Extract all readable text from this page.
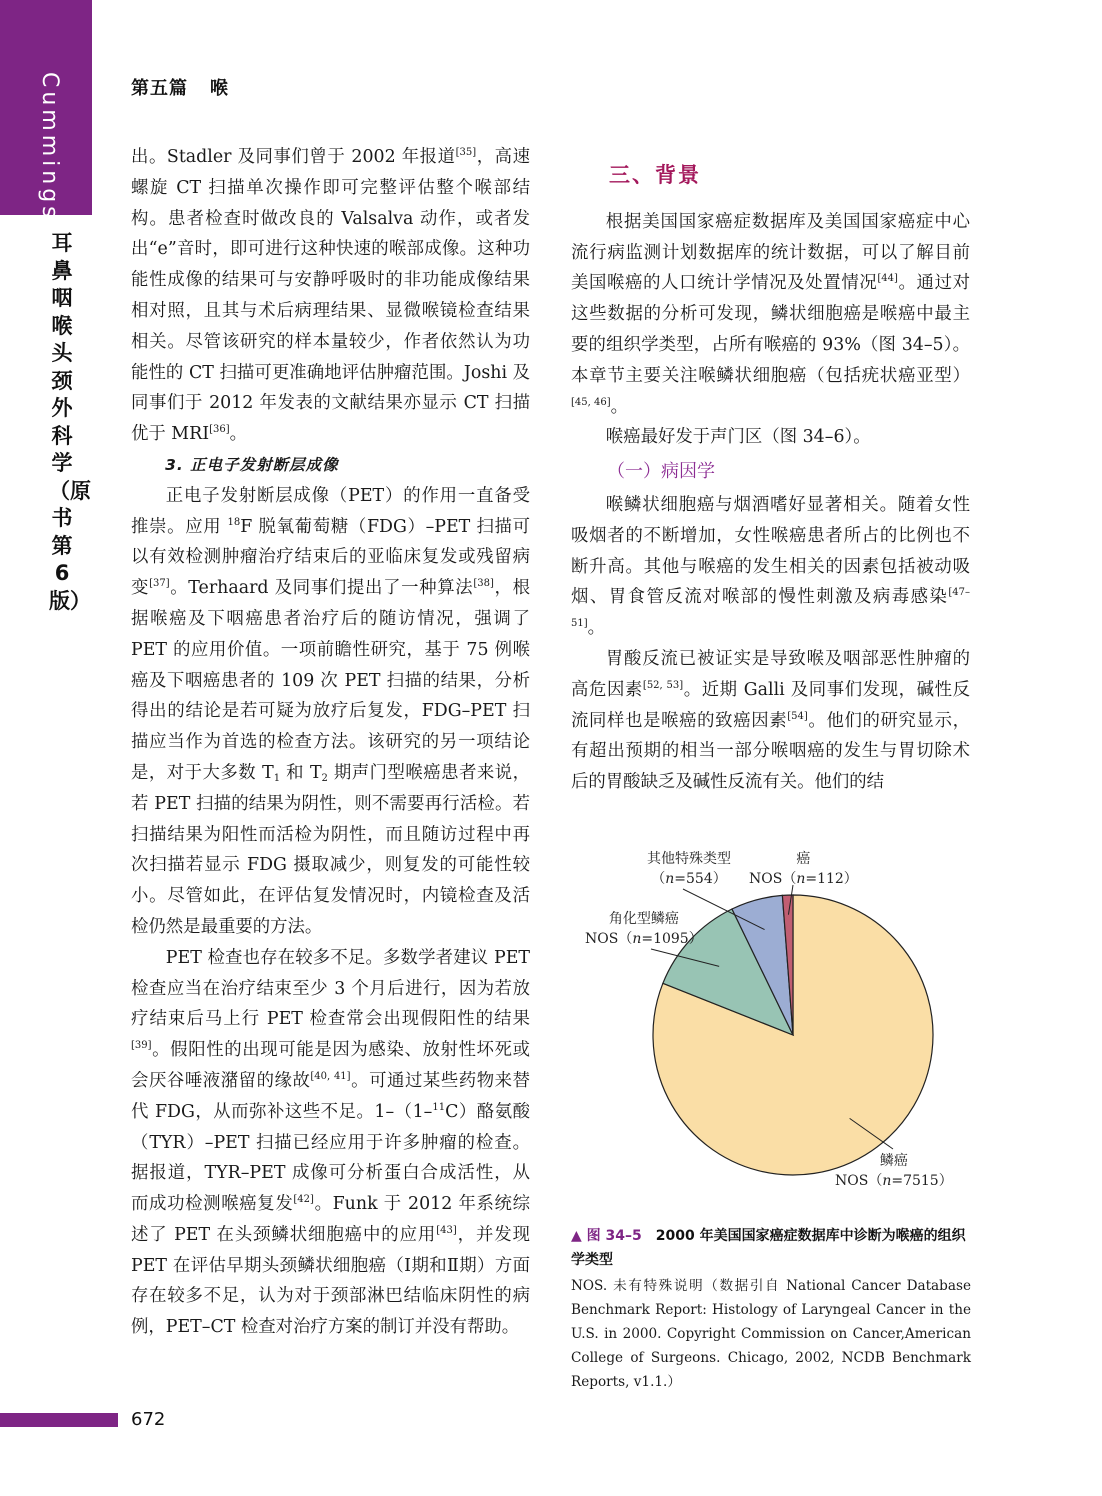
Cummings
耳鼻咽喉头颈外科学（原书第6版）
第五篇 喉

出。Stadler 及同事们曾于 2002 年报道[35]，高速螺旋 CT 扫描单次操作即可完整评估整个喉部结构。患者检查时做改良的 Valsalva 动作，或者发出“e”音时，即可进行这种快速的喉部成像。这种功能性成像的结果可与安静呼吸时的非功能成像结果相对照，且其与术后病理结果、显微喉镜检查结果相关。尽管该研究的样本量较少，作者依然认为功能性的 CT 扫描可更准确地评估肿瘤范围。Joshi 及同事们于 2012 年发表的文献结果亦显示 CT 扫描优于 MRI[36]。

3. 正电子发射断层成像

正电子发射断层成像（PET）的作用一直备受推崇。应用 $^{18}$F 脱氧葡萄糖（FDG）–PET 扫描可以有效检测肿瘤治疗结束后的亚临床复发或残留病变[37]。Terhaard 及同事们提出了一种算法[38]，根据喉癌及下咽癌患者治疗后的随访情况，强调了 PET 的应用价值。一项前瞻性研究，基于 75 例喉癌及下咽癌患者的 109 次 PET 扫描的结果，分析得出的结论是若可疑为放疗后复发，FDG–PET 扫描应当作为首选的检查方法。该研究的另一项结论是，对于大多数 $T_1$ 和 $T_2$ 期声门型喉癌患者来说，若 PET 扫描的结果为阴性，则不需要再行活检。若扫描结果为阳性而活检为阴性，而且随访过程中再次扫描若显示 FDG 摄取减少，则复发的可能性较小。尽管如此，在评估复发情况时，内镜检查及活检仍然是最重要的方法。

PET 检查也存在较多不足。多数学者建议 PET 检查应当在治疗结束至少 3 个月后进行，因为若放疗结束后马上行 PET 检查常会出现假阳性的结果[39]。假阳性的出现可能是因为感染、放射性坏死或会厌谷唾液潴留的缘故[40, 41]。可通过某些药物来替代 FDG，从而弥补这些不足。1–（1–$^{11}$C）酪氨酸（TYR）–PET 扫描已经应用于许多肿瘤的检查。据报道，TYR–PET 成像可分析蛋白合成活性，从而成功检测喉癌复发[42]。Funk 于 2012 年系统综述了 PET 在头颈鳞状细胞癌中的应用[43]，并发现 PET 在评估早期头颈鳞状细胞癌（Ⅰ期和Ⅱ期）方面存在较多不足，认为对于颈部淋巴结临床阴性的病例，PET–CT 检查对治疗方案的制订并没有帮助。

三、背景

根据美国国家癌症数据库及美国国家癌症中心流行病监测计划数据库的统计数据，可以了解目前美国喉癌的人口统计学情况及处置情况[44]。通过对这些数据的分析可发现，鳞状细胞癌是喉癌中最主要的组织学类型，占所有喉癌的 93%（图 34–5）。本章节主要关注喉鳞状细胞癌（包括疣状癌亚型）[45, 46]。

喉癌最好发于声门区（图 34–6）。

（一）病因学

喉鳞状细胞癌与烟酒嗜好显著相关。随着女性吸烟者的不断增加，女性喉癌患者所占的比例也不断升高。其他与喉癌的发生相关的因素包括被动吸烟、胃食管反流对喉部的慢性刺激及病毒感染[47–51]。

胃酸反流已被证实是导致喉及咽部恶性肿瘤的高危因素[52, 53]。近期 Galli 及同事们发现，碱性反流同样也是喉癌的致癌因素[54]。他们的研究显示，有超出预期的相当一部分喉咽癌的发生与胃切除术后的胃酸缺乏及碱性反流有关。他们的结

鳞癌
NOS（n=7515）
角化型鳞癌
NOS（n=1095）
其他特殊类型
（n=554）
癌
NOS（n=112）
▲ 图 34–5 2000 年美国国家癌症数据库中诊断为喉癌的组织学类型
NOS. 未有特殊说明（数据引自 National Cancer Database Benchmark Report: Histology of Laryngeal Cancer in the U.S. in 2000. Copyright Commission on Cancer,American College of Surgeons. Chicago, 2002, NCDB Benchmark Reports, v1.1.）
672
